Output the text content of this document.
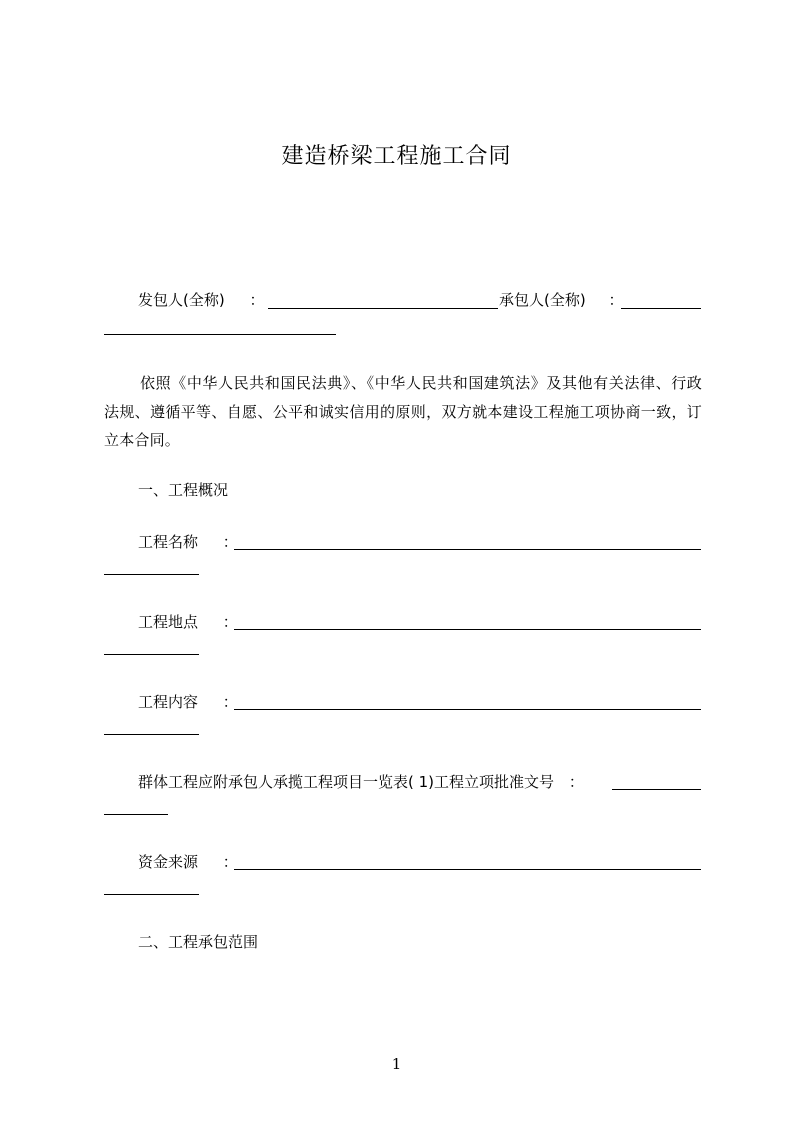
建造桥梁工程施工合同
发包人(全称) ：	承包人(全称) ：

依照《中华人民共和国民法典》、《中华人民共和国建筑法》及其他有关法律、行政法规、遵循平等、自愿、公平和诚实信用的原则，双方就本建设工程施工项协商一致，订立本合同。

一、工程概况
工程名称 ：
工程地点 ：
工程内容 ：
群体工程应附承包人承揽工程项目一览表( 1)工程立项批准文号 ：
资金来源 ：
二、工程承包范围
1
